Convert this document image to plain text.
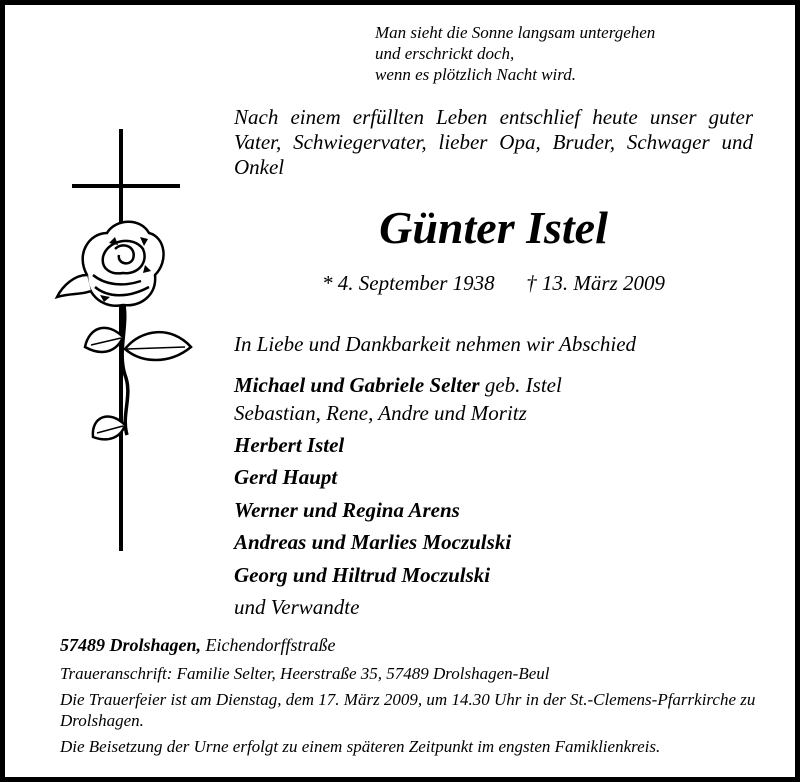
Man sieht die Sonne langsam untergehen
und erschrickt doch,
wenn es plötzlich Nacht wird.
Nach einem erfüllten Leben entschlief heute unser guter Vater, Schwiegervater, lieber Opa, Bruder, Schwager und Onkel
Günter Istel
* 4. September 1938 † 13. März 2009
In Liebe und Dankbarkeit nehmen wir Abschied
Michael und Gabriele Selter geb. Istel
Sebastian, Rene, Andre und Moritz
Herbert Istel
Gerd Haupt
Werner und Regina Arens
Andreas und Marlies Moczulski
Georg und Hiltrud Moczulski
und Verwandte
57489 Drolshagen, Eichendorffstraße
Traueranschrift: Familie Selter, Heerstraße 35, 57489 Drolshagen-Beul
Die Trauerfeier ist am Dienstag, dem 17. März 2009, um 14.30 Uhr in der St.-Clemens-Pfarrkirche zu Drolshagen.
Die Beisetzung der Urne erfolgt zu einem späteren Zeitpunkt im engsten Famiklienkreis.
